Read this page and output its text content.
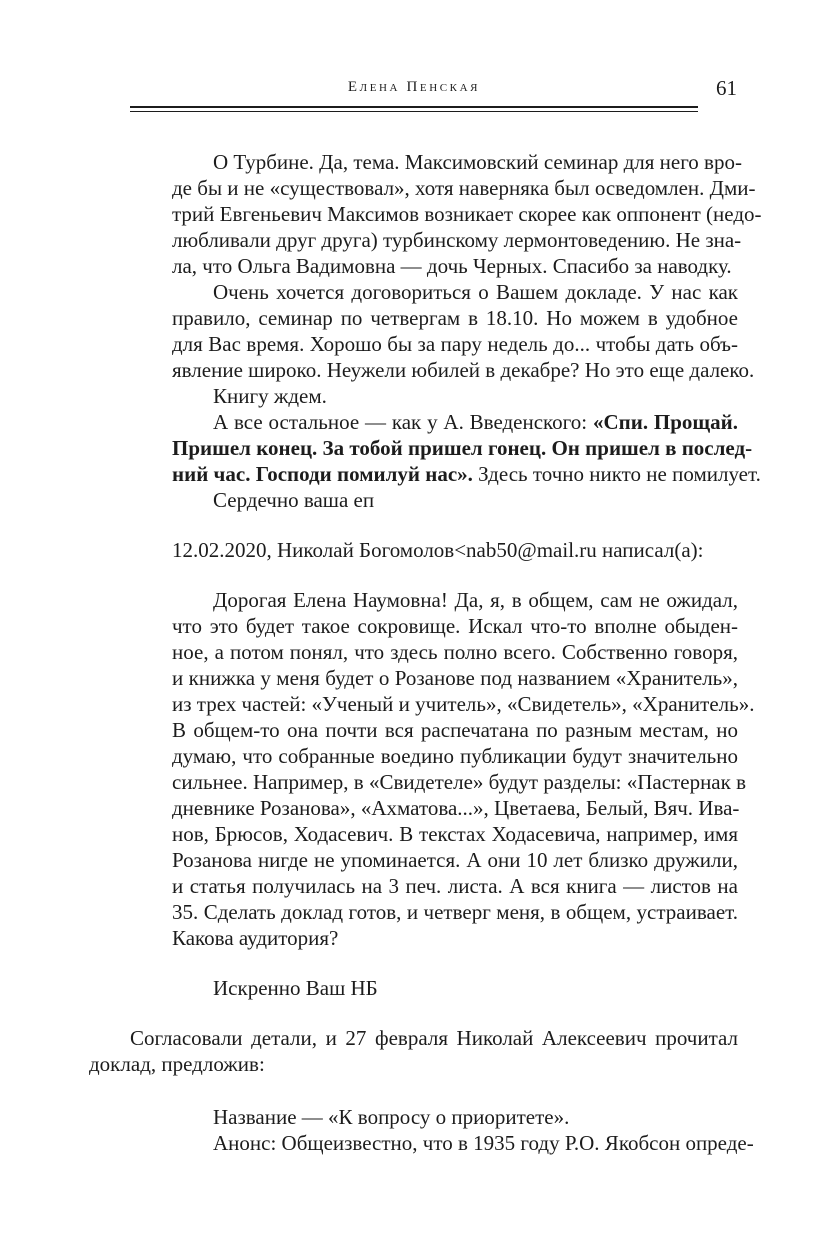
Елена Пенская	61
О Турбине. Да, тема. Максимовский семинар для него вро-
де бы и не «существовал», хотя наверняка был осведомлен. Дми-
трий Евгеньевич Максимов возникает скорее как оппонент (недо-
любливали друг друга) турбинскому лермонтоведению. Не зна-
ла, что Ольга Вадимовна — дочь Черных. Спасибо за наводку.
Очень хочется договориться о Вашем докладе. У нас как
правило, семинар по четвергам в 18.10. Но можем в удобное
для Вас время. Хорошо бы за пару недель до... чтобы дать объ-
явление широко. Неужели юбилей в декабре? Но это еще далеко.
Книгу ждем.
А все остальное — как у А. Введенского: «Спи. Прощай.
Пришел конец. За тобой пришел гонец. Он пришел в послед-
ний час. Господи помилуй нас». Здесь точно никто не помилует.
Сердечно ваша еп
12.02.2020, Николай Богомолов<nab50@mail.ru написал(а):
Дорогая Елена Наумовна! Да, я, в общем, сам не ожидал,
что это будет такое сокровище. Искал что-то вполне обыден-
ное, а потом понял, что здесь полно всего. Собственно говоря,
и книжка у меня будет о Розанове под названием «Хранитель»,
из трех частей: «Ученый и учитель», «Свидетель», «Хранитель».
В общем-то она почти вся распечатана по разным местам, но
думаю, что собранные воедино публикации будут значительно
сильнее. Например, в «Свидетеле» будут разделы: «Пастернак в
дневнике Розанова», «Ахматова...», Цветаева, Белый, Вяч. Ива-
нов, Брюсов, Ходасевич. В текстах Ходасевича, например, имя
Розанова нигде не упоминается. А они 10 лет близко дружили,
и статья получилась на 3 печ. листа. А вся книга — листов на
35. Сделать доклад готов, и четверг меня, в общем, устраивает.
Какова аудитория?
Искренно Ваш НБ
Согласовали детали, и 27 февраля Николай Алексеевич прочитал
доклад, предложив:
Название — «К вопросу о приоритете».
Анонс: Общеизвестно, что в 1935 году Р.О. Якобсон опреде-
